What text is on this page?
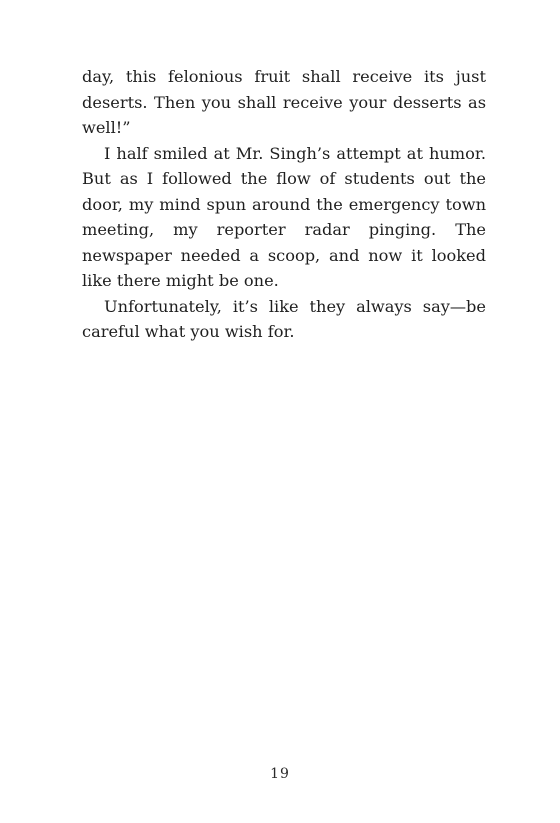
day, this felonious fruit shall receive its just deserts. Then you shall receive your desserts as well!”

I half smiled at Mr. Singh’s attempt at humor. But as I followed the flow of students out the door, my mind spun around the emergency town meeting, my reporter radar pinging. The newspaper needed a scoop, and now it looked like there might be one.

Unfortunately, it’s like they always say—be careful what you wish for.

19
